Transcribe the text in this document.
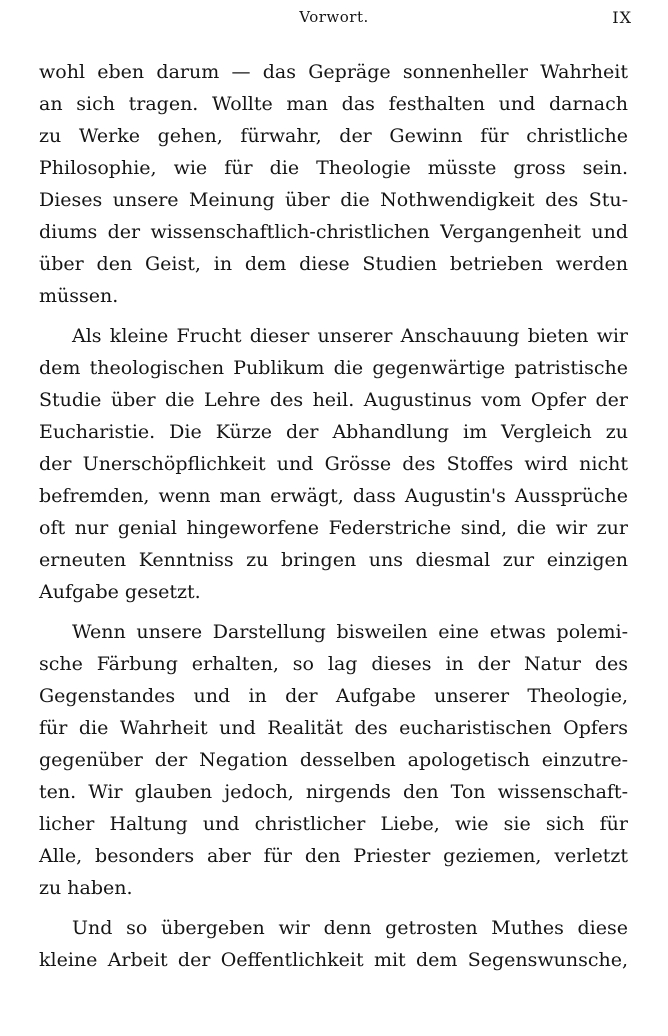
Vorwort.	IX
wohl eben darum — das Gepräge sonnenheller Wahrheit
an sich tragen. Wollte man das festhalten und darnach
zu Werke gehen, fürwahr, der Gewinn für christliche
Philosophie, wie für die Theologie müsste gross sein.
Dieses unsere Meinung über die Nothwendigkeit des Stu-
diums der wissenschaftlich-christlichen Vergangenheit und
über den Geist, in dem diese Studien betrieben werden
müssen.
Als kleine Frucht dieser unserer Anschauung bieten wir
dem theologischen Publikum die gegenwärtige patristische
Studie über die Lehre des heil. Augustinus vom Opfer der
Eucharistie. Die Kürze der Abhandlung im Vergleich zu
der Unerschöpflichkeit und Grösse des Stoffes wird nicht
befremden, wenn man erwägt, dass Augustin's Aussprüche
oft nur genial hingeworfene Federstriche sind, die wir zur
erneuten Kenntniss zu bringen uns diesmal zur einzigen
Aufgabe gesetzt.
Wenn unsere Darstellung bisweilen eine etwas polemi-
sche Färbung erhalten, so lag dieses in der Natur des
Gegenstandes und in der Aufgabe unserer Theologie,
für die Wahrheit und Realität des eucharistischen Opfers
gegenüber der Negation desselben apologetisch einzutre-
ten. Wir glauben jedoch, nirgends den Ton wissenschaft-
licher Haltung und christlicher Liebe, wie sie sich für
Alle, besonders aber für den Priester geziemen, verletzt
zu haben.
Und so übergeben wir denn getrosten Muthes diese
kleine Arbeit der Oeffentlichkeit mit dem Segenswunsche,
